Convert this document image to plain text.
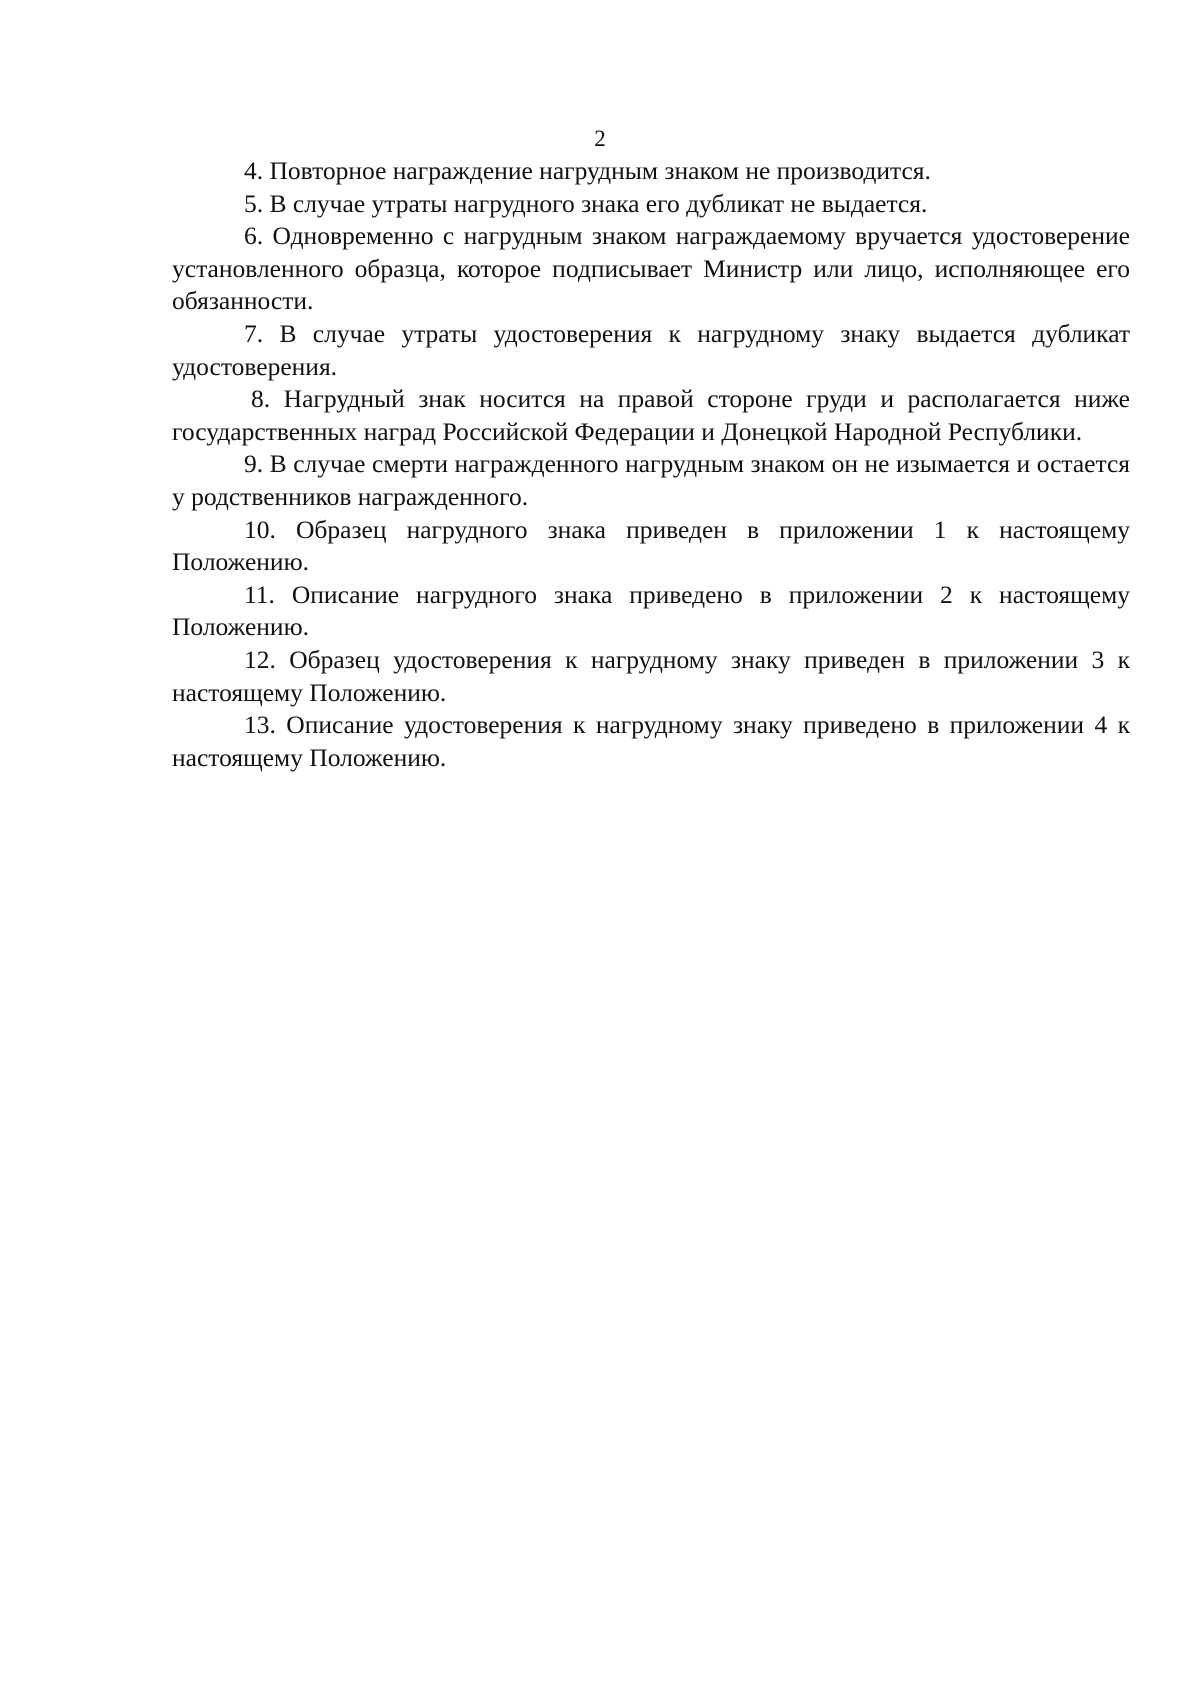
2

4. Повторное награждение нагрудным знаком не производится.

5. В случае утраты нагрудного знака его дубликат не выдается.

6. Одновременно с нагрудным знаком награждаемому вручается удостоверение установленного образца, которое подписывает Министр или лицо, исполняющее его обязанности.

7. В случае утраты удостоверения к нагрудному знаку выдается дубликат удостоверения.

8. Нагрудный знак носится на правой стороне груди и располагается ниже государственных наград Российской Федерации и Донецкой Народной Республики.

9. В случае смерти награжденного нагрудным знаком он не изымается и остается у родственников награжденного.

10. Образец нагрудного знака приведен в приложении 1 к настоящему Положению.

11. Описание нагрудного знака приведено в приложении 2 к настоящему Положению.

12. Образец удостоверения к нагрудному знаку приведен в приложении 3 к настоящему Положению.

13. Описание удостоверения к нагрудному знаку приведено в приложении 4 к настоящему Положению.
